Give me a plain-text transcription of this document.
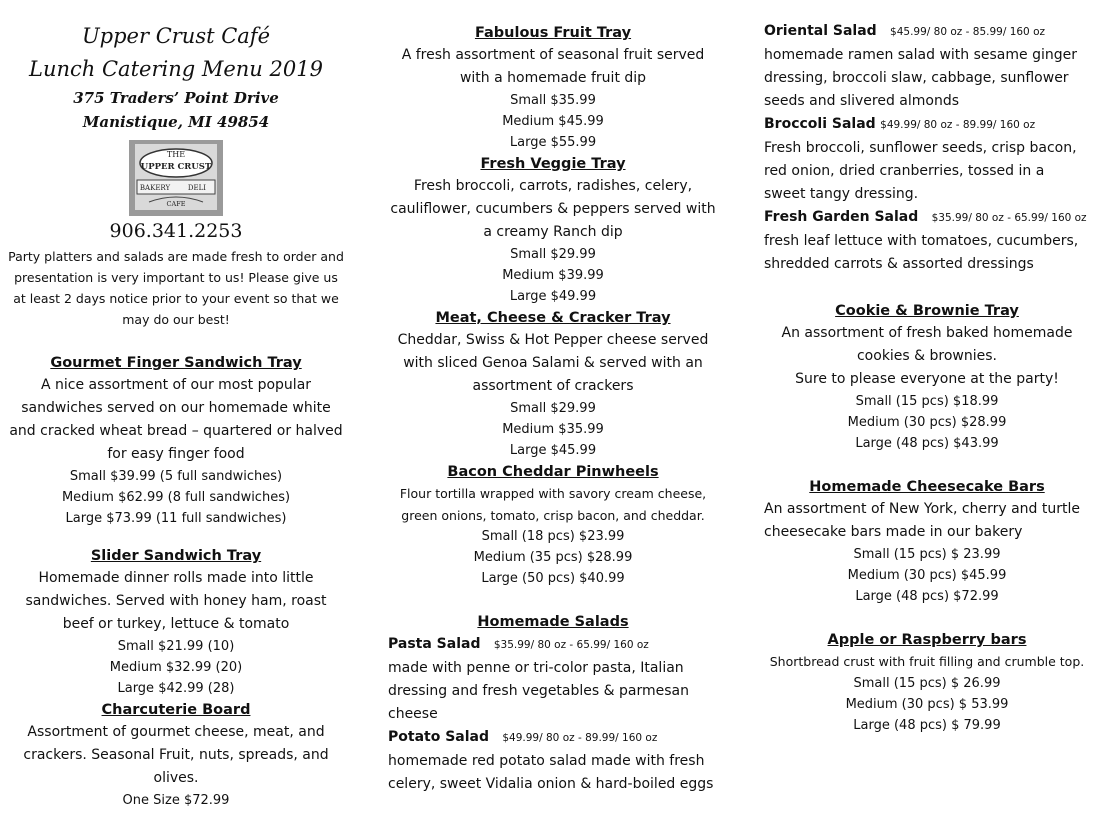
Upper Crust Café
Lunch Catering Menu 2019
375 Traders’ Point Drive
Manistique, MI 49854
THE
UPPER CRUST
BAKERY	DELI
CAFE
906.341.2253
Party platters and salads are made fresh to order and presentation is very important to us! Please give us at least 2 days notice prior to your event so that we may do our best!
Gourmet Finger Sandwich Tray
A nice assortment of our most popular sandwiches served on our homemade white and cracked wheat bread – quartered or halved for easy finger food
Small $39.99 (5 full sandwiches)
Medium $62.99 (8 full sandwiches)
Large $73.99 (11 full sandwiches)
Slider Sandwich Tray
Homemade dinner rolls made into little sandwiches. Served with honey ham, roast beef or turkey, lettuce & tomato
Small $21.99 (10)
Medium $32.99 (20)
Large $42.99 (28)
Charcuterie Board
Assortment of gourmet cheese, meat, and crackers. Seasonal Fruit, nuts, spreads, and olives.
One Size $72.99
Fabulous Fruit Tray
A fresh assortment of seasonal fruit served with a homemade fruit dip
Small $35.99
Medium $45.99
Large $55.99
Fresh Veggie Tray
Fresh broccoli, carrots, radishes, celery, cauliflower, cucumbers & peppers served with a creamy Ranch dip
Small $29.99
Medium $39.99
Large $49.99
Meat, Cheese & Cracker Tray
Cheddar, Swiss & Hot Pepper cheese served with sliced Genoa Salami & served with an assortment of crackers
Small $29.99
Medium $35.99
Large $45.99
Bacon Cheddar Pinwheels
Flour tortilla wrapped with savory cream cheese, green onions, tomato, crisp bacon, and cheddar.
Small (18 pcs) $23.99
Medium (35 pcs) $28.99
Large (50 pcs) $40.99
Homemade Salads
Pasta Salad $35.99/ 80 oz - 65.99/ 160 oz
made with penne or tri-color pasta, Italian dressing and fresh vegetables & parmesan cheese
Potato Salad $49.99/ 80 oz - 89.99/ 160 oz
homemade red potato salad made with fresh celery, sweet Vidalia onion & hard-boiled eggs
Oriental Salad $45.99/ 80 oz - 85.99/ 160 oz
homemade ramen salad with sesame ginger dressing, broccoli slaw, cabbage, sunflower seeds and slivered almonds
Broccoli Salad $49.99/ 80 oz - 89.99/ 160 oz
Fresh broccoli, sunflower seeds, crisp bacon, red onion, dried cranberries, tossed in a sweet tangy dressing.
Fresh Garden Salad $35.99/ 80 oz - 65.99/ 160 oz
fresh leaf lettuce with tomatoes, cucumbers, shredded carrots & assorted dressings
Cookie & Brownie Tray
An assortment of fresh baked homemade cookies & brownies.
Sure to please everyone at the party!
Small (15 pcs) $18.99
Medium (30 pcs) $28.99
Large (48 pcs) $43.99
Homemade Cheesecake Bars
An assortment of New York, cherry and turtle cheesecake bars made in our bakery
Small (15 pcs) $ 23.99
Medium (30 pcs) $45.99
Large (48 pcs) $72.99
Apple or Raspberry bars
Shortbread crust with fruit filling and crumble top.
Small (15 pcs) $ 26.99
Medium (30 pcs) $ 53.99
Large (48 pcs) $ 79.99
